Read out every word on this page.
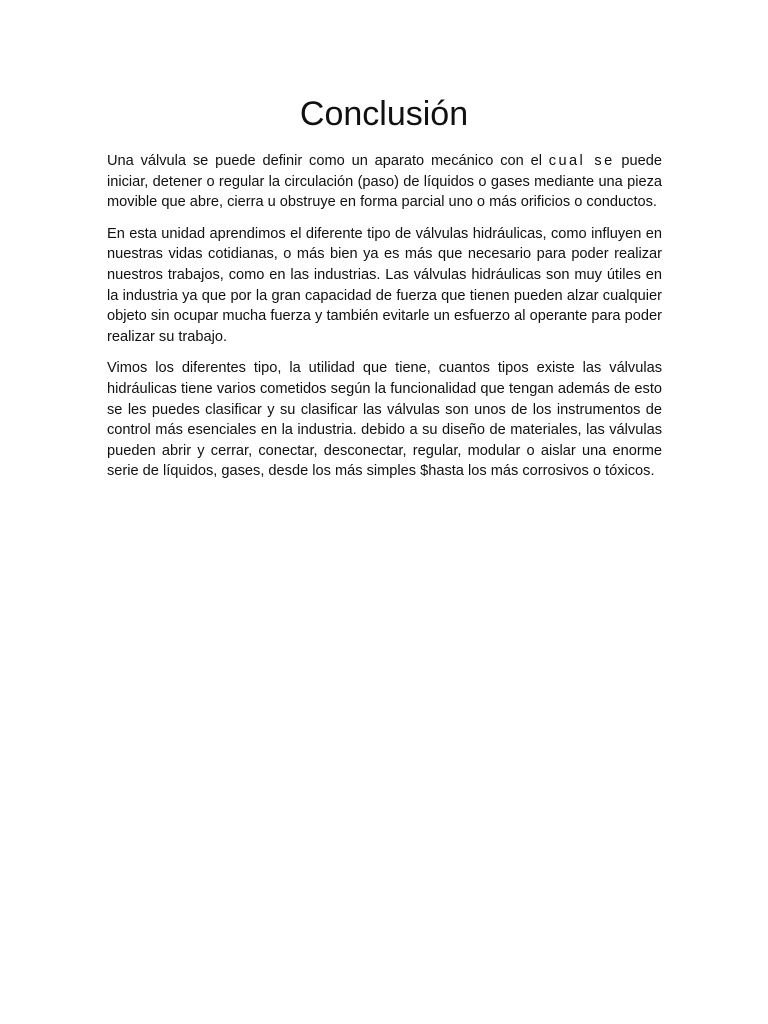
Conclusión

Una válvula se puede definir como un aparato mecánico con el cual se puede iniciar, detener o regular la circulación (paso) de líquidos o gases mediante una pieza movible que abre, cierra u obstruye en forma parcial uno o más orificios o conductos.

En esta unidad aprendimos el diferente tipo de válvulas hidráulicas, como influyen en nuestras vidas cotidianas, o más bien ya es más que necesario para poder realizar nuestros trabajos, como en las industrias. Las válvulas hidráulicas son muy útiles en la industria ya que por la gran capacidad de fuerza que tienen pueden alzar cualquier objeto sin ocupar mucha fuerza y también evitarle un esfuerzo al operante para poder realizar su trabajo.

Vimos los diferentes tipo, la utilidad que tiene, cuantos tipos existe las válvulas hidráulicas tiene varios cometidos según la funcionalidad que tengan además de esto se les puedes clasificar y su clasificar las válvulas son unos de los instrumentos de control más esenciales en la industria. debido a su diseño de materiales, las válvulas pueden abrir y cerrar, conectar, desconectar, regular, modular o aislar una enorme serie de líquidos, gases, desde los más simples $hasta los más corrosivos o tóxicos.
